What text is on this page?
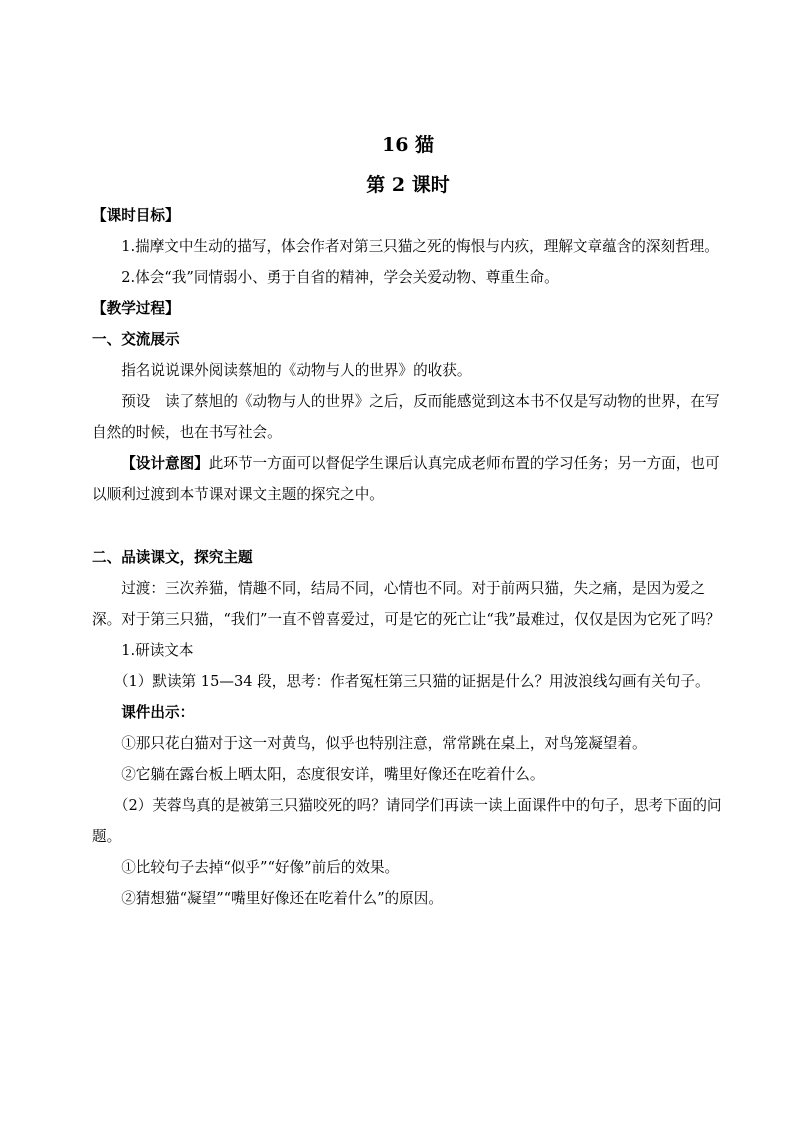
16 猫
第 2 课时

【课时目标】

1.揣摩文中生动的描写，体会作者对第三只猫之死的悔恨与内疚，理解文章蕴含的深刻哲理。

2.体会“我”同情弱小、勇于自省的精神，学会关爱动物、尊重生命。

【教学过程】

一、交流展示

指名说说课外阅读蔡旭的《动物与人的世界》的收获。

预设　读了蔡旭的《动物与人的世界》之后，反而能感觉到这本书不仅是写动物的世界，在写自然的时候，也在书写社会。

【设计意图】此环节一方面可以督促学生课后认真完成老师布置的学习任务；另一方面，也可以顺利过渡到本节课对课文主题的探究之中。

二、品读课文，探究主题

过渡：三次养猫，情趣不同，结局不同，心情也不同。对于前两只猫，失之痛，是因为爱之深。对于第三只猫，“我们”一直不曾喜爱过，可是它的死亡让“我”最难过，仅仅是因为它死了吗？

1.研读文本

（1）默读第 15—34 段，思考：作者冤枉第三只猫的证据是什么？用波浪线勾画有关句子。

课件出示：

①那只花白猫对于这一对黄鸟，似乎也特别注意，常常跳在桌上，对鸟笼凝望着。

②它躺在露台板上晒太阳，态度很安详，嘴里好像还在吃着什么。

（2）芙蓉鸟真的是被第三只猫咬死的吗？请同学们再读一读上面课件中的句子，思考下面的问题。

①比较句子去掉“似乎”“好像”前后的效果。

②猜想猫“凝望”“嘴里好像还在吃着什么”的原因。
